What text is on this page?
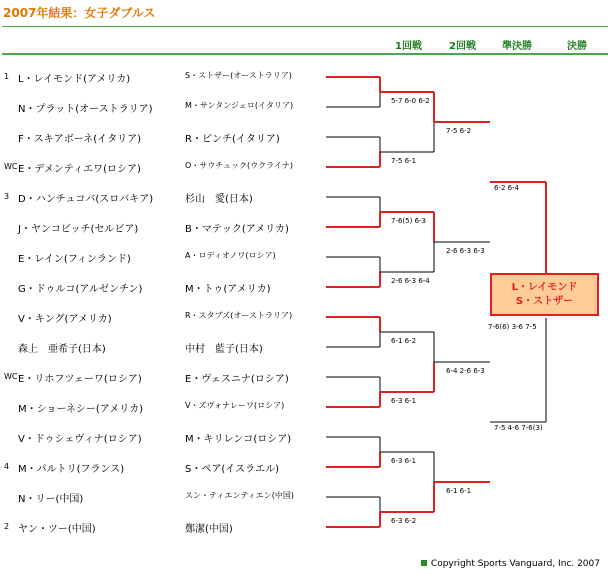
2007年結果：女子ダブルス
1回戦	2回戦	準決勝	決勝
1 L・レイモンド(アメリカ)	S・ストザー(オーストラリア)
N・プラット(オーストラリア)	M・サンタンジェロ(イタリア)
F・スキアボーネ(イタリア)	R・ピンチ(イタリア)
WC E・デメンティエワ(ロシア)	O・サウチュック(ウクライナ)
3 D・ハンチュコバ(スロバキア)	杉山　愛(日本)
J・ヤンコビッチ(セルビア)	B・マテック(アメリカ)
E・レイン(フィンランド)	A・ロディオノワ(ロシア)
G・ドゥルコ(アルゼンチン)	M・トゥ(アメリカ)
V・キング(アメリカ)	R・スタブズ(オーストラリア)
森上　亜希子(日本)	中村　藍子(日本)
WC E・リホフツェーワ(ロシア)	E・ヴェスニナ(ロシア)
M・ショーネシー(アメリカ)	V・ズヴォナレーワ(ロシア)
V・ドゥシェヴィナ(ロシア)	M・キリレンコ(ロシア)
4 M・パルトリ(フランス)	S・ペア(イスラエル)
N・リー(中国)	スン・ティエンティエン(中国)
2 ヤン・ツー(中国)	鄭潔(中国)
L・レイモンド
S・ストザー
Copyright Sports Vanguard, Inc. 2007
5-7 6-0 6-2
7-5 6-1
7-6(5) 6-3
2-6 6-3 6-4
6-1 6-2
6-3 6-1
6-3 6-1
6-3 6-2
7-5 6-2
2-6 6-3 6-3
6-4 2-6 6-3
6-1 6-1
6-2 6-4
7-5 4-6 7-6(3)
7-6(6) 3-6 7-5
